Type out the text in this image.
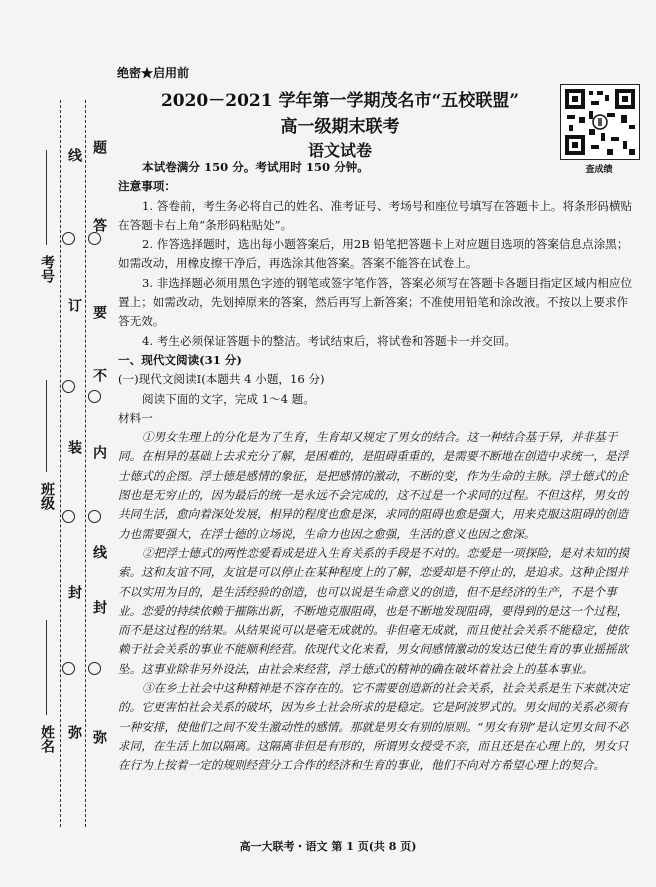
姓名
班级
考号
弥
封
装
订
线
弥
封
线
内
不
要
答
题
绝密★启用前
2020－2021 学年第一学期茂名市“五校联盟”
高一级期末联考
语文试卷
查成绩

本试卷满分 150 分。考试用时 150 分钟。

注意事项：

1. 答卷前，考生务必将自己的姓名、准考证号、考场号和座位号填写在答题卡上。将条形码横贴在答题卡右上角“条形码粘贴处”。

2. 作答选择题时，选出每小题答案后，用2B 铅笔把答题卡上对应题目选项的答案信息点涂黑；如需改动，用橡皮擦干净后，再选涂其他答案。答案不能答在试卷上。

3. 非选择题必须用黑色字迹的钢笔或签字笔作答，答案必须写在答题卡各题目指定区域内相应位置上；如需改动，先划掉原来的答案，然后再写上新答案；不准使用铅笔和涂改液。不按以上要求作答无效。

4. 考生必须保证答题卡的整洁。考试结束后，将试卷和答题卡一并交回。

一、现代文阅读(31 分)

(一)现代文阅读Ⅰ(本题共 4 小题，16 分)

阅读下面的文字，完成 1～4 题。

材料一

①男女生理上的分化是为了生育，生育却又规定了男女的结合。这一种结合基于异，并非基于同。在相异的基础上去求充分了解，是困难的，是阻碍重重的，是需要不断地在创造中求统一，是浮士德式的企图。浮士德是感情的象征，是把感情的激动，不断的变，作为生命的主脉。浮士德式的企图也是无穷止的，因为最后的统一是永远不会完成的，这不过是一个求同的过程。不但这样，男女的共同生活，愈向着深处发展，相异的程度也愈是深，求同的阻碍也愈是强大，用来克服这阻碍的创造力也需要强大，在浮士德的立场说，生命力也因之愈强，生活的意义也因之愈深。

②把浮士德式的两性恋爱看成是进入生育关系的手段是不对的。恋爱是一项探险，是对未知的摸索。这和友谊不同，友谊是可以停止在某种程度上的了解，恋爱却是不停止的，是追求。这种企图并不以实用为目的，是生活经验的创造，也可以说是生命意义的创造，但不是经济的生产，不是个事业。恋爱的持续依赖于摧陈出新，不断地克服阻碍，也是不断地发现阻碍，要得到的是这一个过程，而不是这过程的结果。从结果说可以是毫无成就的。非但毫无成就，而且使社会关系不能稳定，使依赖于社会关系的事业不能顺利经营。依现代文化来看，男女间感情激动的发达已使生育的事业摇摇欲坠。这事业除非另外设法，由社会来经营，浮士德式的精神的确在破坏着社会上的基本事业。

③在乡土社会中这种精神是不容存在的。它不需要创造新的社会关系，社会关系是生下来就决定的。它更害怕社会关系的破坏，因为乡土社会所求的是稳定。它是阿波罗式的。男女间的关系必须有一种安排，使他们之间不发生激动性的感情。那就是男女有别的原则。“男女有别”是认定男女间不必求同，在生活上加以隔离。这隔离非但是有形的，所谓男女授受不亲，而且还是在心理上的，男女只在行为上按着一定的规则经营分工合作的经济和生育的事业，他们不向对方希望心理上的契合。

高一大联考・语文 第 1 页(共 8 页)
